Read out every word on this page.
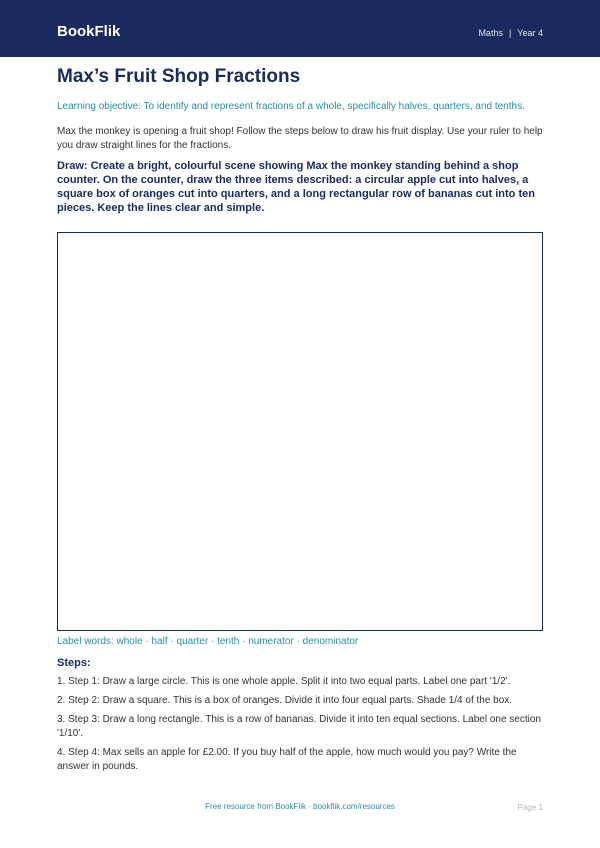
BookFlik	Maths | Year 4
Max’s Fruit Shop Fractions

Learning objective: To identify and represent fractions of a whole, specifically halves, quarters, and tenths.

Max the monkey is opening a fruit shop! Follow the steps below to draw his fruit display. Use your ruler to help you draw straight lines for the fractions.

Draw: Create a bright, colourful scene showing Max the monkey standing behind a shop counter. On the counter, draw the three items described: a circular apple cut into halves, a square box of oranges cut into quarters, and a long rectangular row of bananas cut into ten pieces. Keep the lines clear and simple.

Label words: whole · half · quarter · tenth · numerator · denominator

Steps:

1. Step 1: Draw a large circle. This is one whole apple. Split it into two equal parts. Label one part '1/2'.
2. Step 2: Draw a square. This is a box of oranges. Divide it into four equal parts. Shade 1/4 of the box.
3. Step 3: Draw a long rectangle. This is a row of bananas. Divide it into ten equal sections. Label one section '1/10'.
4. Step 4: Max sells an apple for £2.00. If you buy half of the apple, how much would you pay? Write the answer in pounds.
Free resource from BookFlik · bookflik.com/resources	Page 1
